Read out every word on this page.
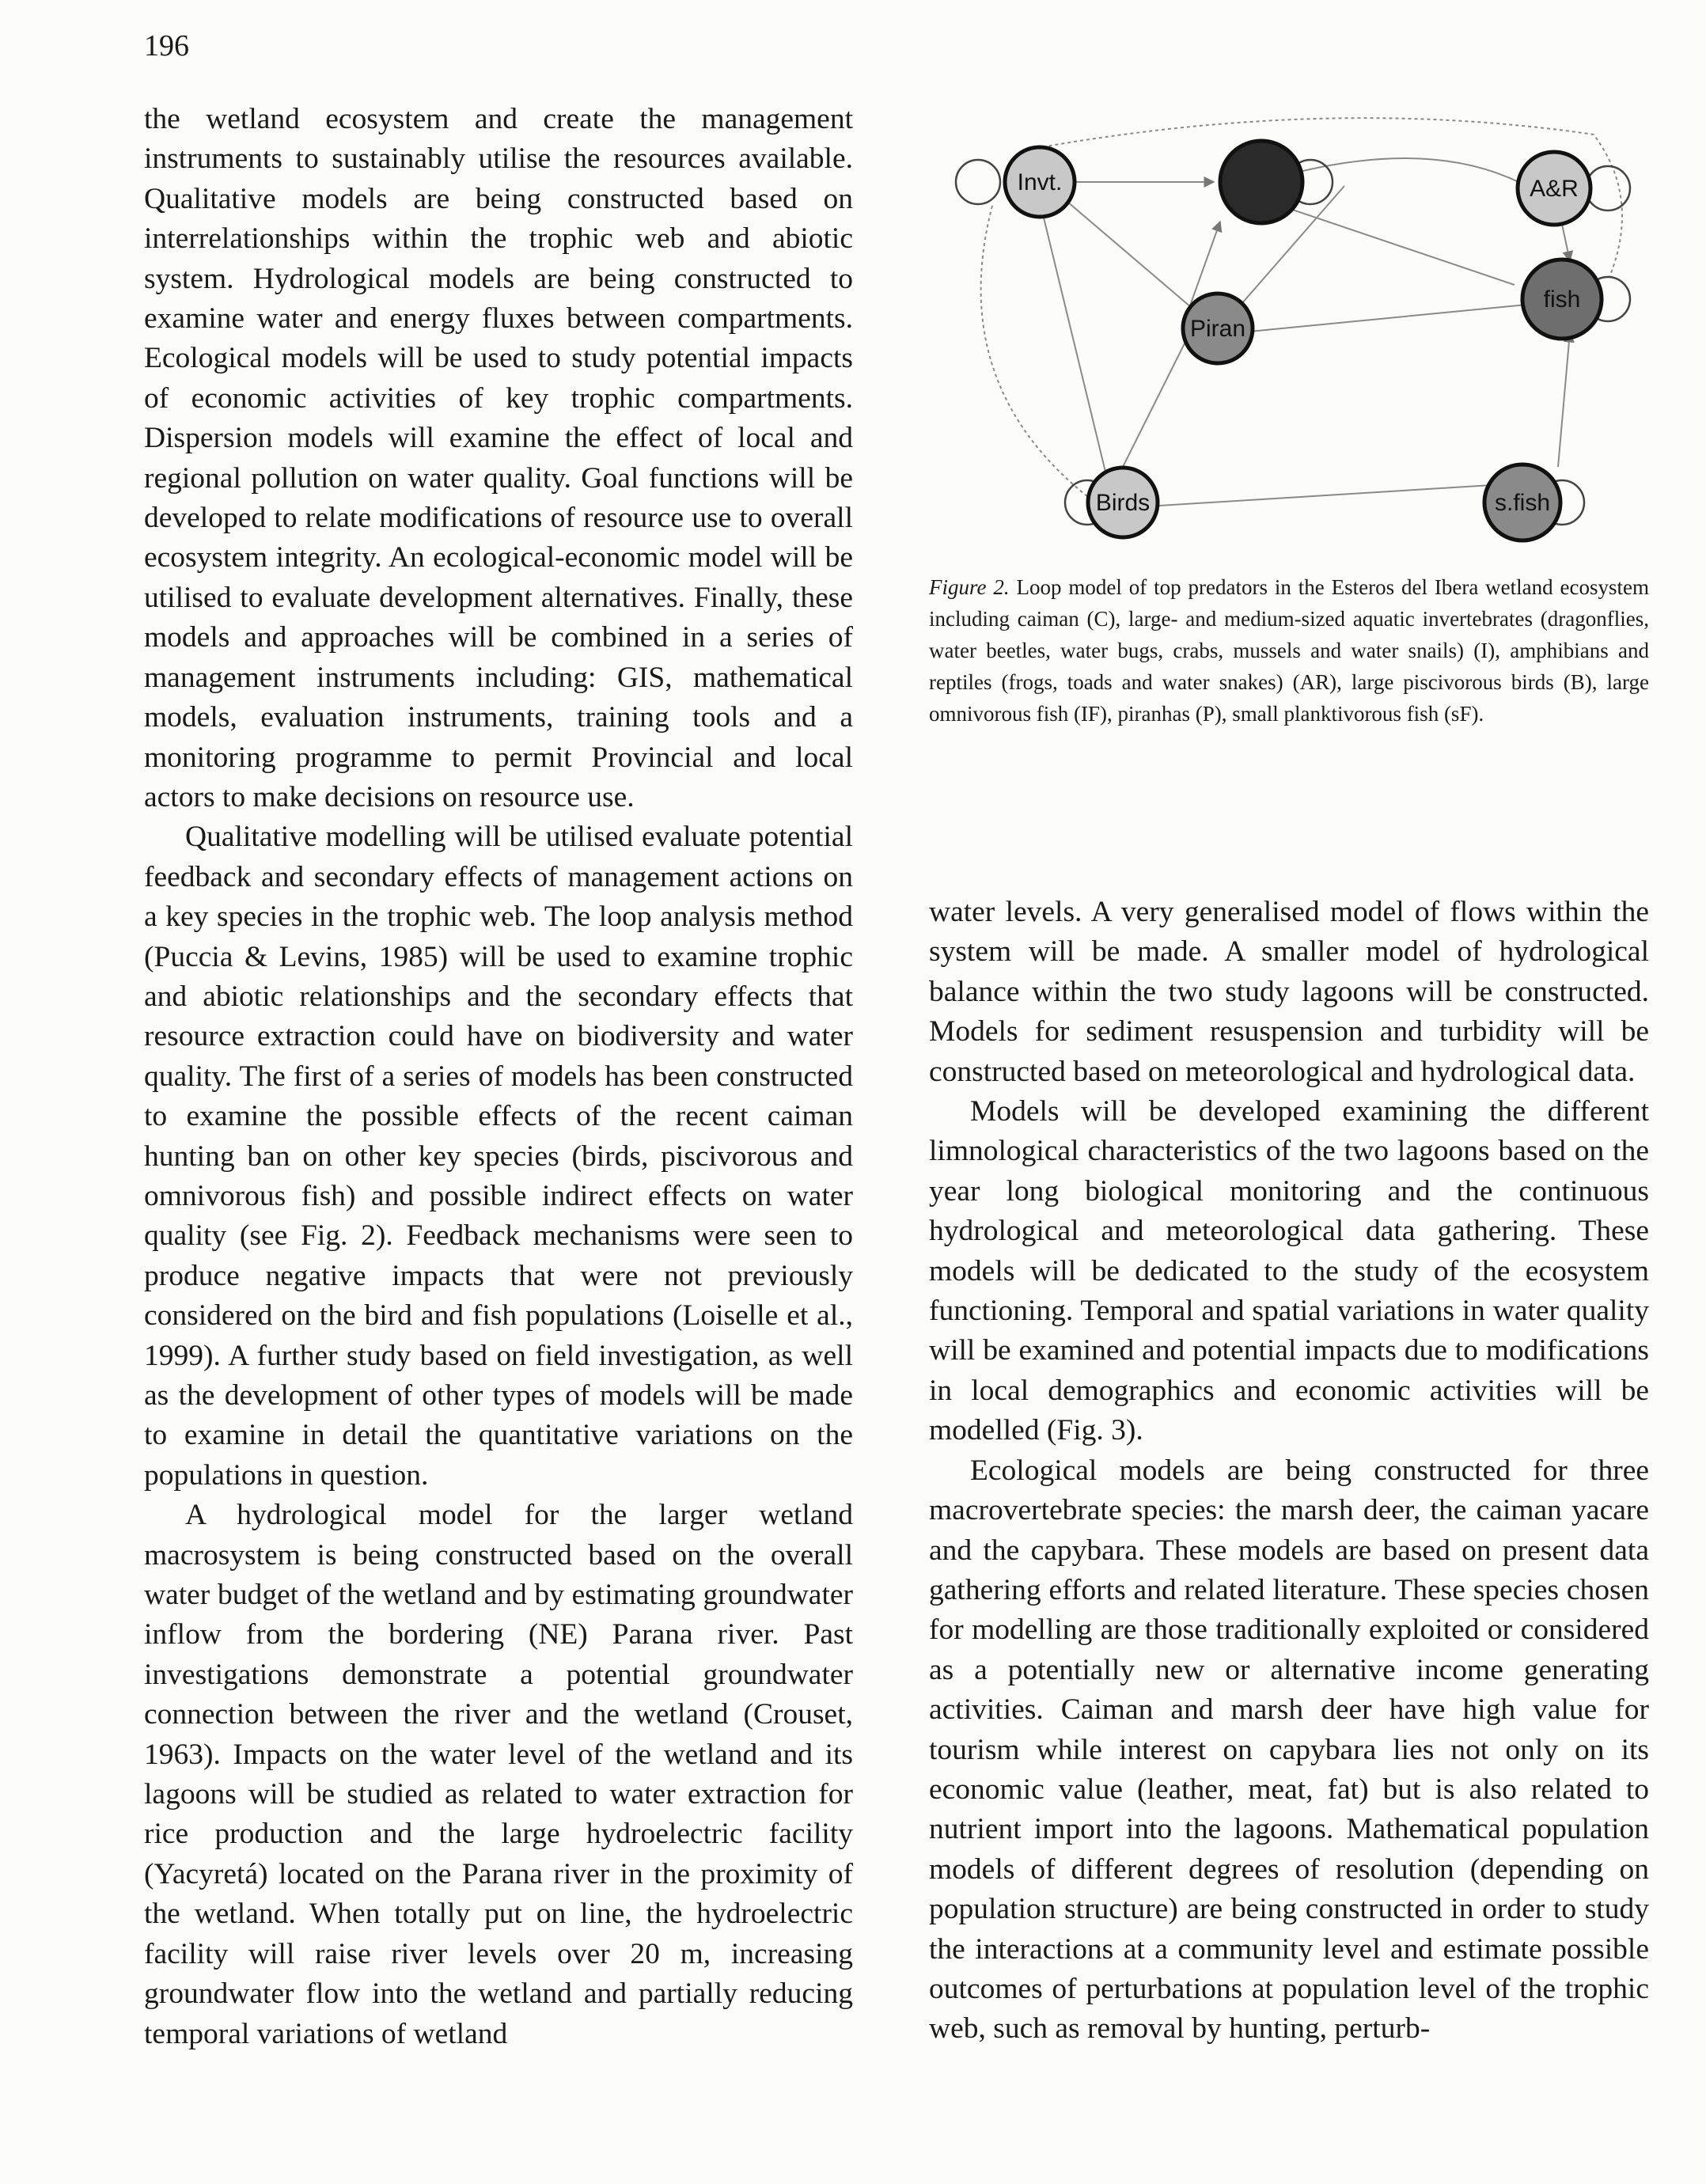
196

the wetland ecosystem and create the management instruments to sustainably utilise the resources available. Qualitative models are being constructed based on interrelationships within the trophic web and abiotic system. Hydrological models are being constructed to examine water and energy fluxes between compartments. Ecological models will be used to study potential impacts of economic activities of key trophic compartments. Dispersion models will examine the effect of local and regional pollution on water quality. Goal functions will be developed to relate modifications of resource use to overall ecosystem integrity. An ecological-economic model will be utilised to evaluate development alternatives. Finally, these models and approaches will be combined in a series of management instruments including: GIS, mathematical models, evaluation instruments, training tools and a monitoring programme to permit Provincial and local actors to make decisions on resource use.

Qualitative modelling will be utilised evaluate potential feedback and secondary effects of management actions on a key species in the trophic web. The loop analysis method (Puccia & Levins, 1985) will be used to examine trophic and abiotic relationships and the secondary effects that resource extraction could have on biodiversity and water quality. The first of a series of models has been constructed to examine the possible effects of the recent caiman hunting ban on other key species (birds, piscivorous and omnivorous fish) and possible indirect effects on water quality (see Fig. 2). Feedback mechanisms were seen to produce negative impacts that were not previously considered on the bird and fish populations (Loiselle et al., 1999). A further study based on field investigation, as well as the development of other types of models will be made to examine in detail the quantitative variations on the populations in question.

A hydrological model for the larger wetland macrosystem is being constructed based on the overall water budget of the wetland and by estimating groundwater inflow from the bordering (NE) Parana river. Past investigations demonstrate a potential groundwater connection between the river and the wetland (Crouset, 1963). Impacts on the water level of the wetland and its lagoons will be studied as related to water extraction for rice production and the large hydroelectric facility (Yacyretá) located on the Parana river in the proximity of the wetland. When totally put on line, the hydroelectric facility will raise river levels over 20 m, increasing groundwater flow into the wetland and partially reducing temporal variations of wetland

Invt.	A&R
Piran
fish
Birds	s.fish

Figure 2. Loop model of top predators in the Esteros del Ibera wetland ecosystem including caiman (C), large- and medium-sized aquatic invertebrates (dragonflies, water beetles, water bugs, crabs, mussels and water snails) (I), amphibians and reptiles (frogs, toads and water snakes) (AR), large piscivorous birds (B), large omnivorous fish (IF), piranhas (P), small planktivorous fish (sF).

water levels. A very generalised model of flows within the system will be made. A smaller model of hydrological balance within the two study lagoons will be constructed. Models for sediment resuspension and turbidity will be constructed based on meteorological and hydrological data.

Models will be developed examining the different limnological characteristics of the two lagoons based on the year long biological monitoring and the continuous hydrological and meteorological data gathering. These models will be dedicated to the study of the ecosystem functioning. Temporal and spatial variations in water quality will be examined and potential impacts due to modifications in local demographics and economic activities will be modelled (Fig. 3).

Ecological models are being constructed for three macrovertebrate species: the marsh deer, the caiman yacare and the capybara. These models are based on present data gathering efforts and related literature. These species chosen for modelling are those traditionally exploited or considered as a potentially new or alternative income generating activities. Caiman and marsh deer have high value for tourism while interest on capybara lies not only on its economic value (leather, meat, fat) but is also related to nutrient import into the lagoons. Mathematical population models of different degrees of resolution (depending on population structure) are being constructed in order to study the interactions at a community level and estimate possible outcomes of perturbations at population level of the trophic web, such as removal by hunting, perturb-
